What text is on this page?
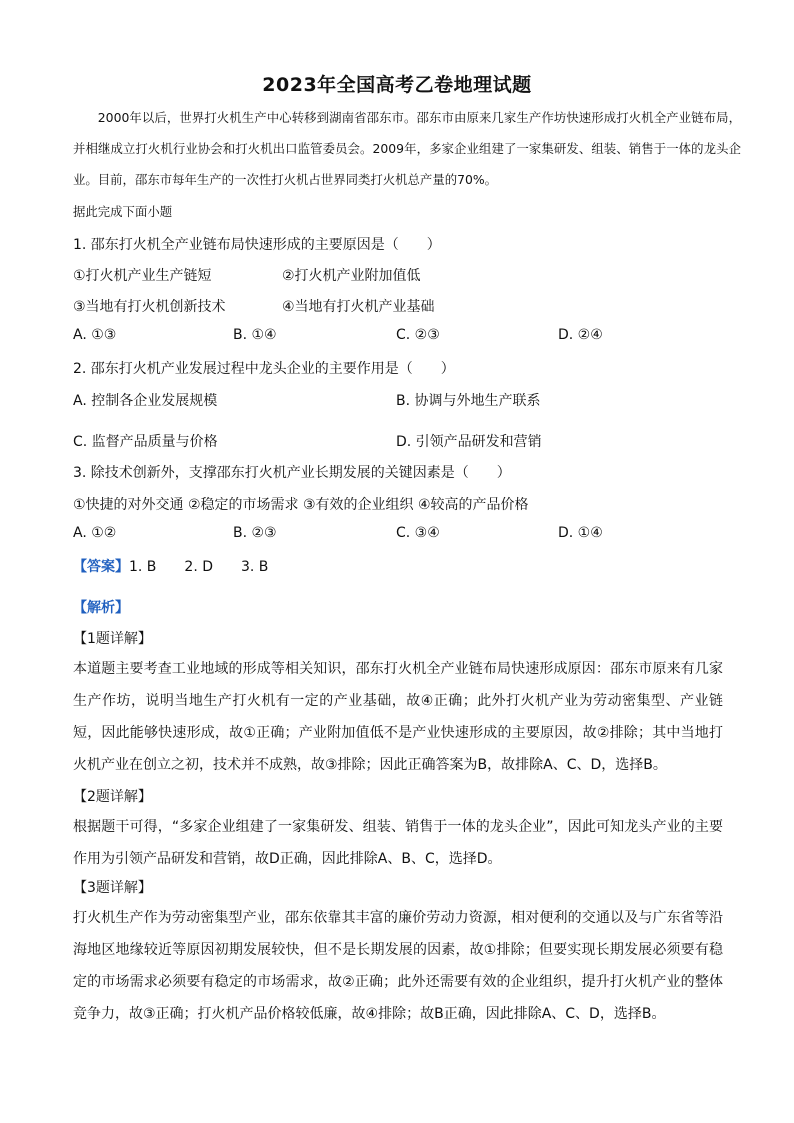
2023年全国高考乙卷地理试题
2000年以后，世界打火机生产中心转移到湖南省邵东市。邵东市由原来几家生产作坊快速形成打火机全产业链布局，并相继成立打火机行业协会和打火机出口监管委员会。2009年，多家企业组建了一家集研发、组装、销售于一体的龙头企业。目前，邵东市每年生产的一次性打火机占世界同类打火机总产量的70%。
据此完成下面小题
1. 邵东打火机全产业链布局快速形成的主要原因是（　　）
①打火机产业生产链短	②打火机产业附加值低
③当地有打火机创新技术	④当地有打火机产业基础
A. ①③	B. ①④	C. ②③	D. ②④
2. 邵东打火机产业发展过程中龙头企业的主要作用是（　　）
A. 控制各企业发展规模	B. 协调与外地生产联系
C. 监督产品质量与价格	D. 引领产品研发和营销
3. 除技术创新外，支撑邵东打火机产业长期发展的关键因素是（　　）
①快捷的对外交通 ②稳定的市场需求 ③有效的企业组织 ④较高的产品价格
A. ①②	B. ②③	C. ③④	D. ①④
【答案】1. B　　2. D　　3. B
【解析】
【1题详解】
本道题主要考查工业地域的形成等相关知识，邵东打火机全产业链布局快速形成原因：邵东市原来有几家生产作坊，说明当地生产打火机有一定的产业基础，故④正确；此外打火机产业为劳动密集型、产业链短，因此能够快速形成，故①正确；产业附加值低不是产业快速形成的主要原因，故②排除；其中当地打火机产业在创立之初，技术并不成熟，故③排除；因此正确答案为B，故排除A、C、D，选择B。
【2题详解】
根据题干可得，“多家企业组建了一家集研发、组装、销售于一体的龙头企业”，因此可知龙头产业的主要作用为引领产品研发和营销，故D正确，因此排除A、B、C，选择D。
【3题详解】
打火机生产作为劳动密集型产业，邵东依靠其丰富的廉价劳动力资源，相对便利的交通以及与广东省等沿海地区地缘较近等原因初期发展较快，但不是长期发展的因素，故①排除；但要实现长期发展必须要有稳定的市场需求必须要有稳定的市场需求，故②正确；此外还需要有效的企业组织，提升打火机产业的整体竞争力，故③正确；打火机产品价格较低廉，故④排除；故B正确，因此排除A、C、D，选择B。
